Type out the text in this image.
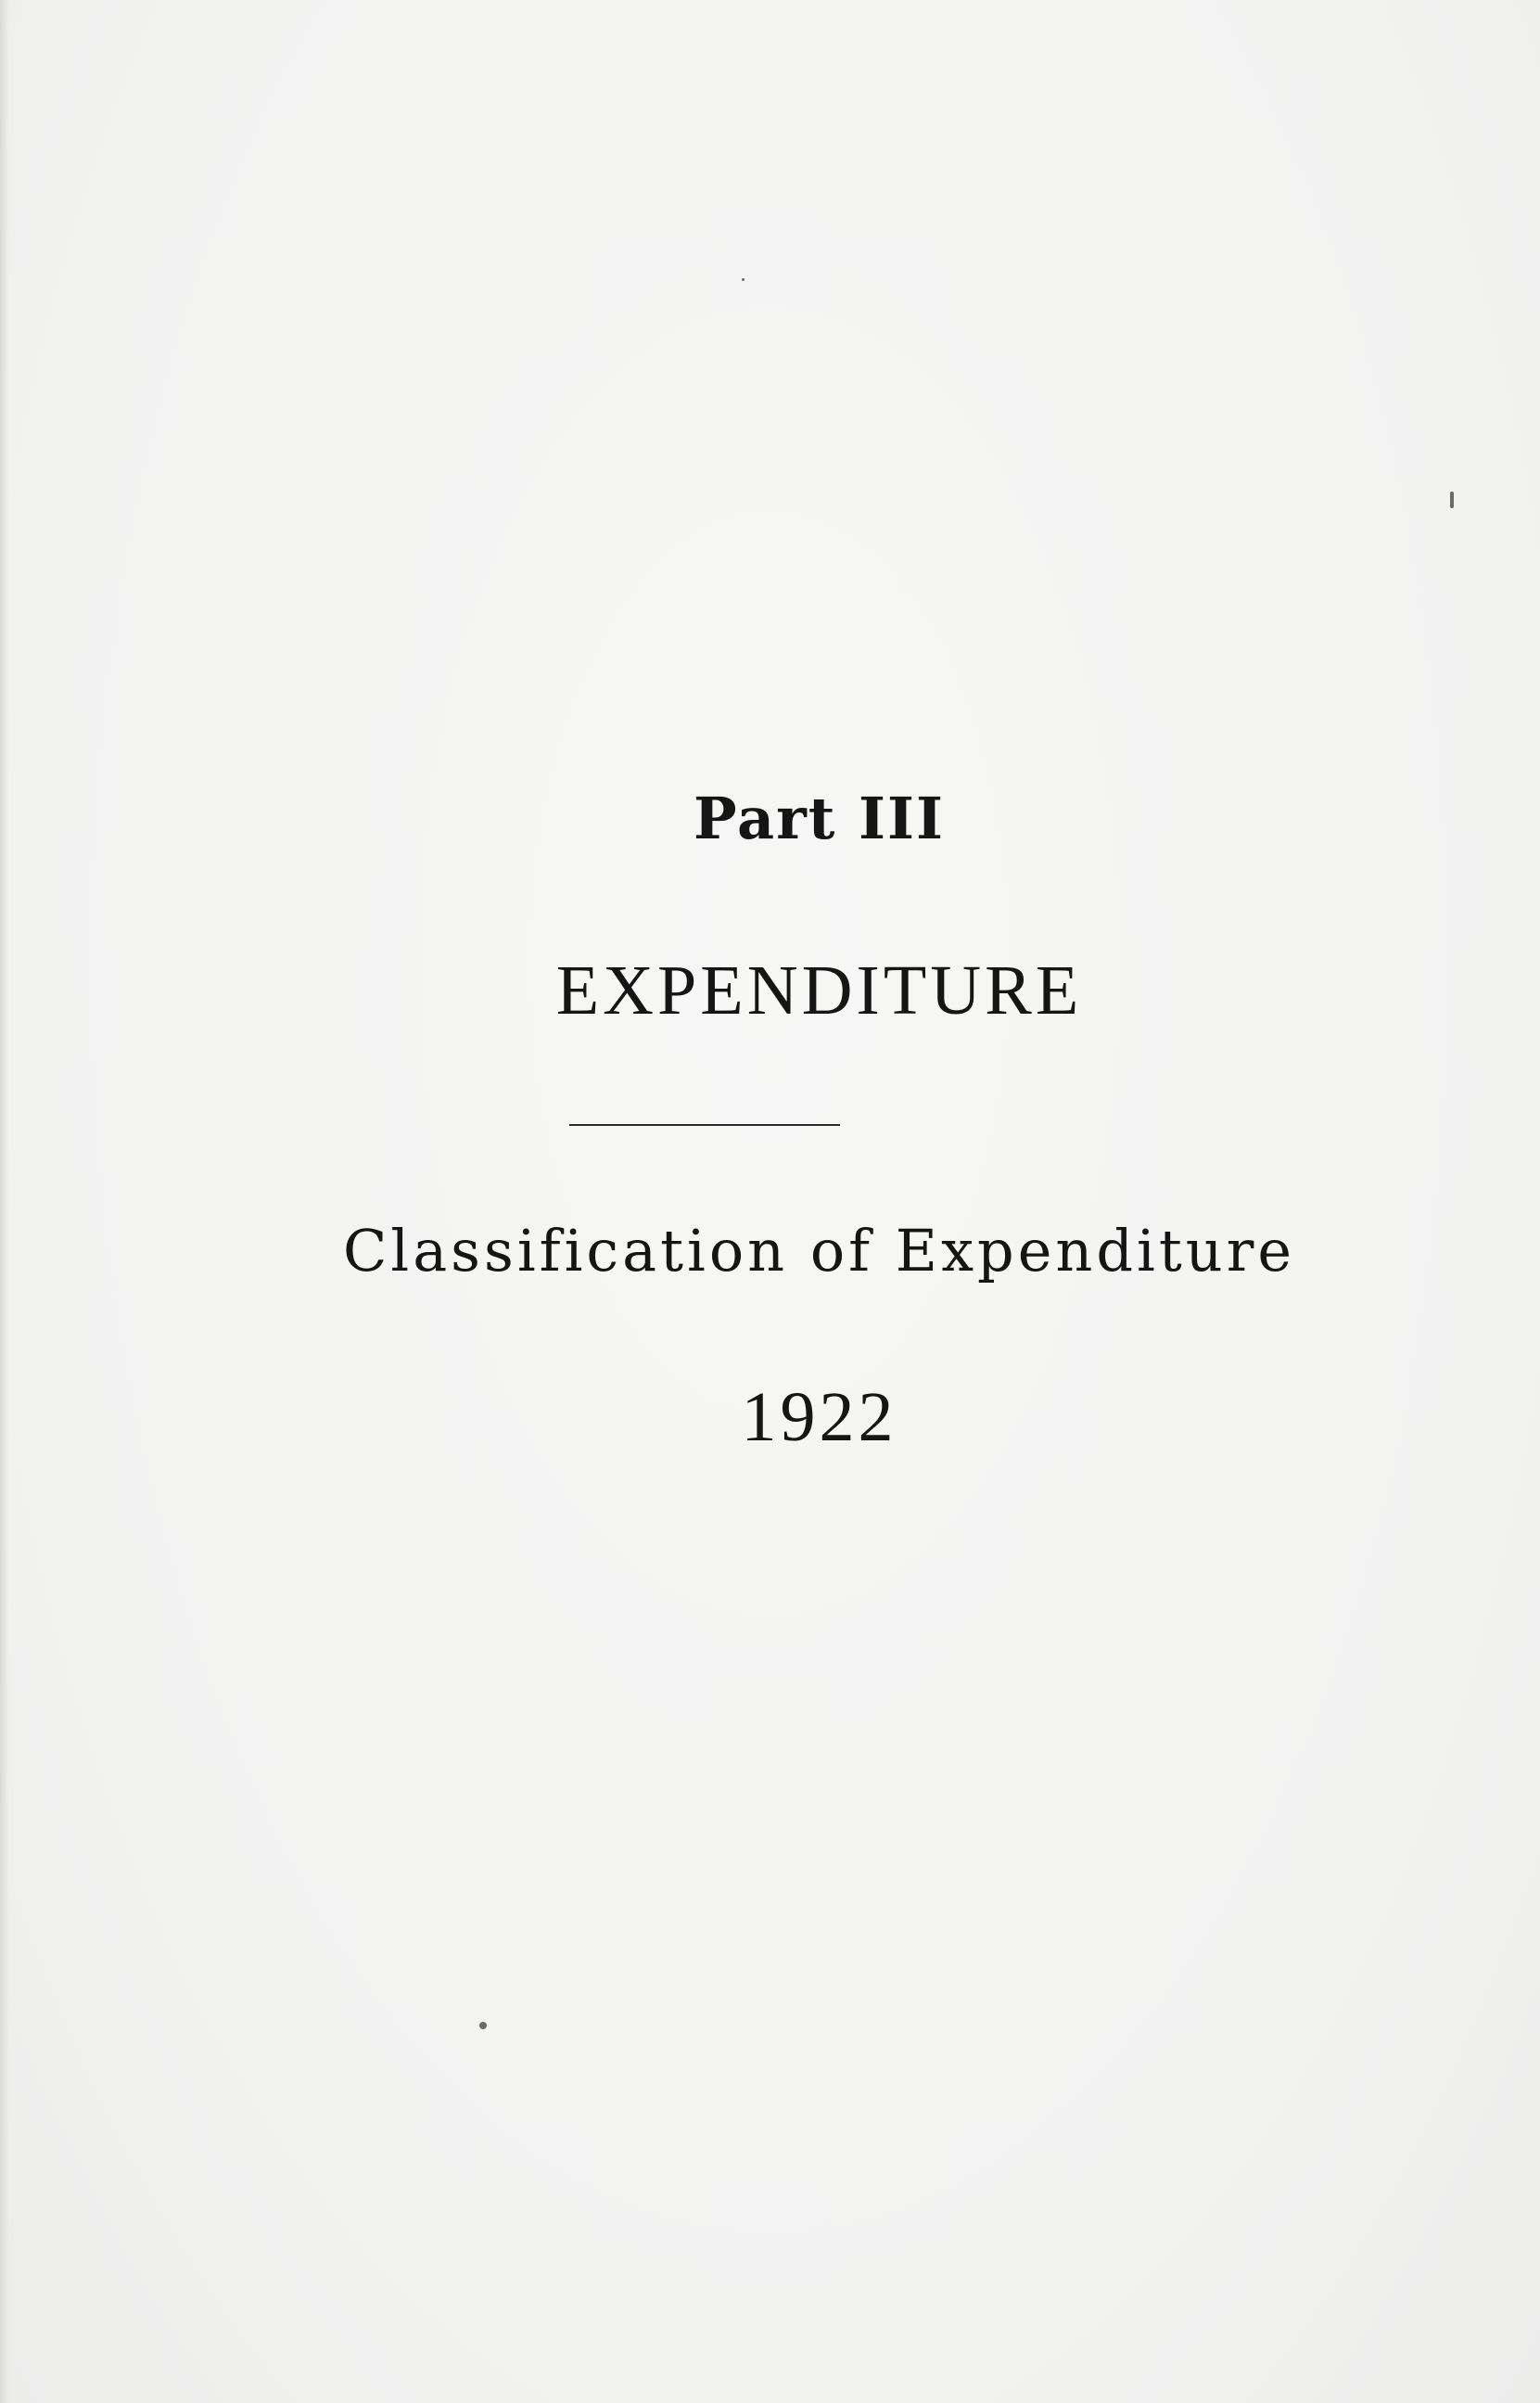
Part III
EXPENDITURE
Classification of Expenditure
1922
